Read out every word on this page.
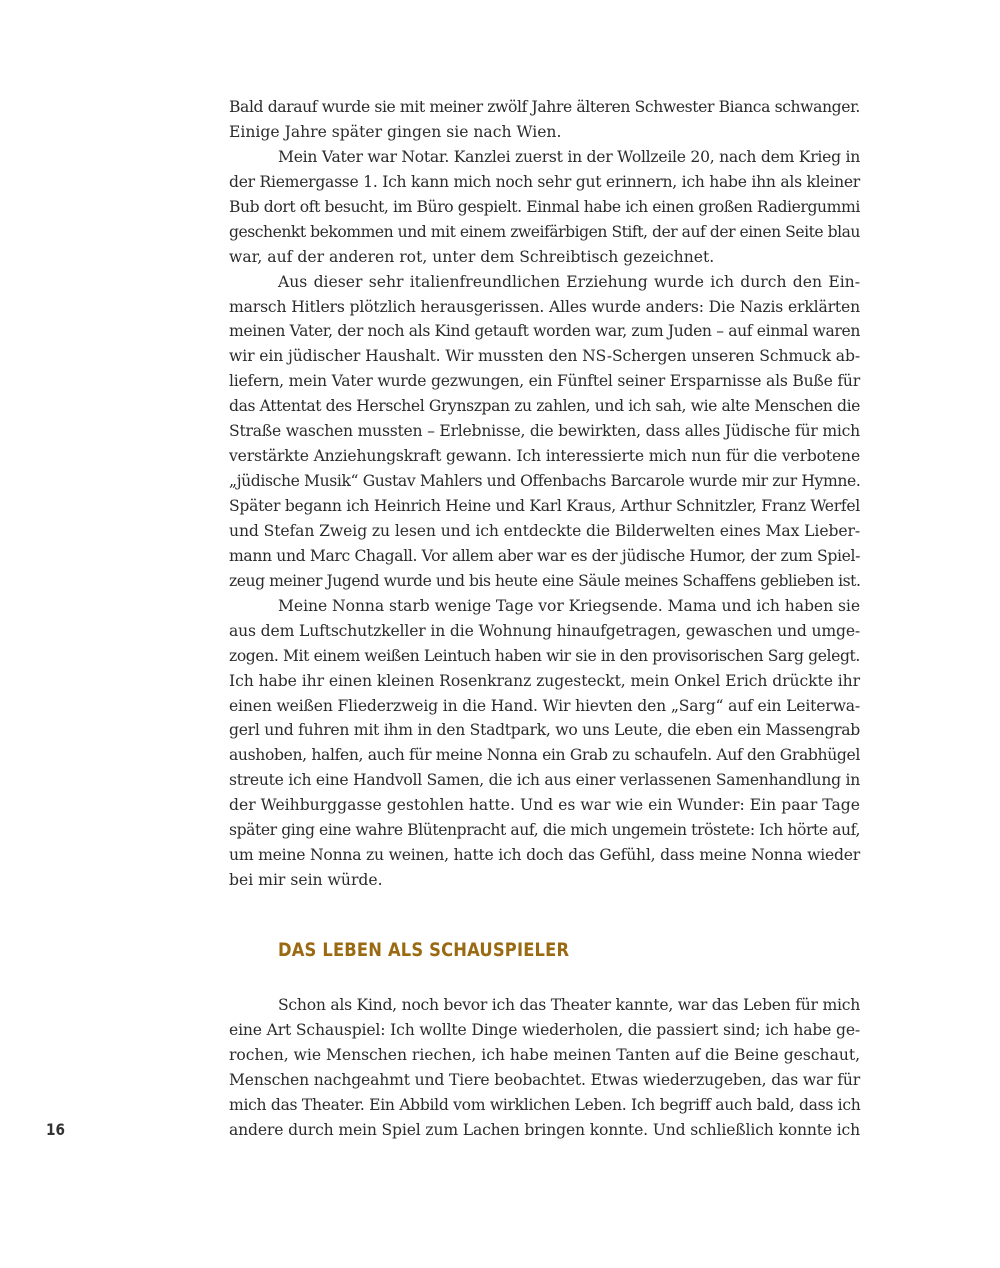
Bald darauf wurde sie mit meiner zwölf Jahre älteren Schwester Bianca schwanger.
Einige Jahre später gingen sie nach Wien.
Mein Vater war Notar. Kanzlei zuerst in der Wollzeile 20, nach dem Krieg in
der Riemergasse 1. Ich kann mich noch sehr gut erinnern, ich habe ihn als kleiner
Bub dort oft besucht, im Büro gespielt. Einmal habe ich einen großen Radiergummi
geschenkt bekommen und mit einem zweifärbigen Stift, der auf der einen Seite blau
war, auf der anderen rot, unter dem Schreibtisch gezeichnet.
Aus dieser sehr italienfreundlichen Erziehung wurde ich durch den Ein-
marsch Hitlers plötzlich herausgerissen. Alles wurde anders: Die Nazis erklärten
meinen Vater, der noch als Kind getauft worden war, zum Juden – auf einmal waren
wir ein jüdischer Haushalt. Wir mussten den NS-Schergen unseren Schmuck ab-
liefern, mein Vater wurde gezwungen, ein Fünftel seiner Ersparnisse als Buße für
das Attentat des Herschel Grynszpan zu zahlen, und ich sah, wie alte Menschen die
Straße waschen mussten – Erlebnisse, die bewirkten, dass alles Jüdische für mich
verstärkte Anziehungskraft gewann. Ich interessierte mich nun für die verbotene
„jüdische Musik“ Gustav Mahlers und Offenbachs Barcarole wurde mir zur Hymne.
Später begann ich Heinrich Heine und Karl Kraus, Arthur Schnitzler, Franz Werfel
und Stefan Zweig zu lesen und ich entdeckte die Bilderwelten eines Max Lieber-
mann und Marc Chagall. Vor allem aber war es der jüdische Humor, der zum Spiel-
zeug meiner Jugend wurde und bis heute eine Säule meines Schaffens geblieben ist.
Meine Nonna starb wenige Tage vor Kriegsende. Mama und ich haben sie
aus dem Luftschutzkeller in die Wohnung hinaufgetragen, gewaschen und umge-
zogen. Mit einem weißen Leintuch haben wir sie in den provisorischen Sarg gelegt.
Ich habe ihr einen kleinen Rosenkranz zugesteckt, mein Onkel Erich drückte ihr
einen weißen Fliederzweig in die Hand. Wir hievten den „Sarg“ auf ein Leiterwa-
gerl und fuhren mit ihm in den Stadtpark, wo uns Leute, die eben ein Massengrab
aushoben, halfen, auch für meine Nonna ein Grab zu schaufeln. Auf den Grabhügel
streute ich eine Handvoll Samen, die ich aus einer verlassenen Samenhandlung in
der Weihburggasse gestohlen hatte. Und es war wie ein Wunder: Ein paar Tage
später ging eine wahre Blütenpracht auf, die mich ungemein tröstete: Ich hörte auf,
um meine Nonna zu weinen, hatte ich doch das Gefühl, dass meine Nonna wieder
bei mir sein würde.
DAS LEBEN ALS SCHAUSPIELER
Schon als Kind, noch bevor ich das Theater kannte, war das Leben für mich
eine Art Schauspiel: Ich wollte Dinge wiederholen, die passiert sind; ich habe ge-
rochen, wie Menschen riechen, ich habe meinen Tanten auf die Beine geschaut,
Menschen nachgeahmt und Tiere beobachtet. Etwas wiederzugeben, das war für
mich das Theater. Ein Abbild vom wirklichen Leben. Ich begriff auch bald, dass ich
andere durch mein Spiel zum Lachen bringen konnte. Und schließlich konnte ich
16
